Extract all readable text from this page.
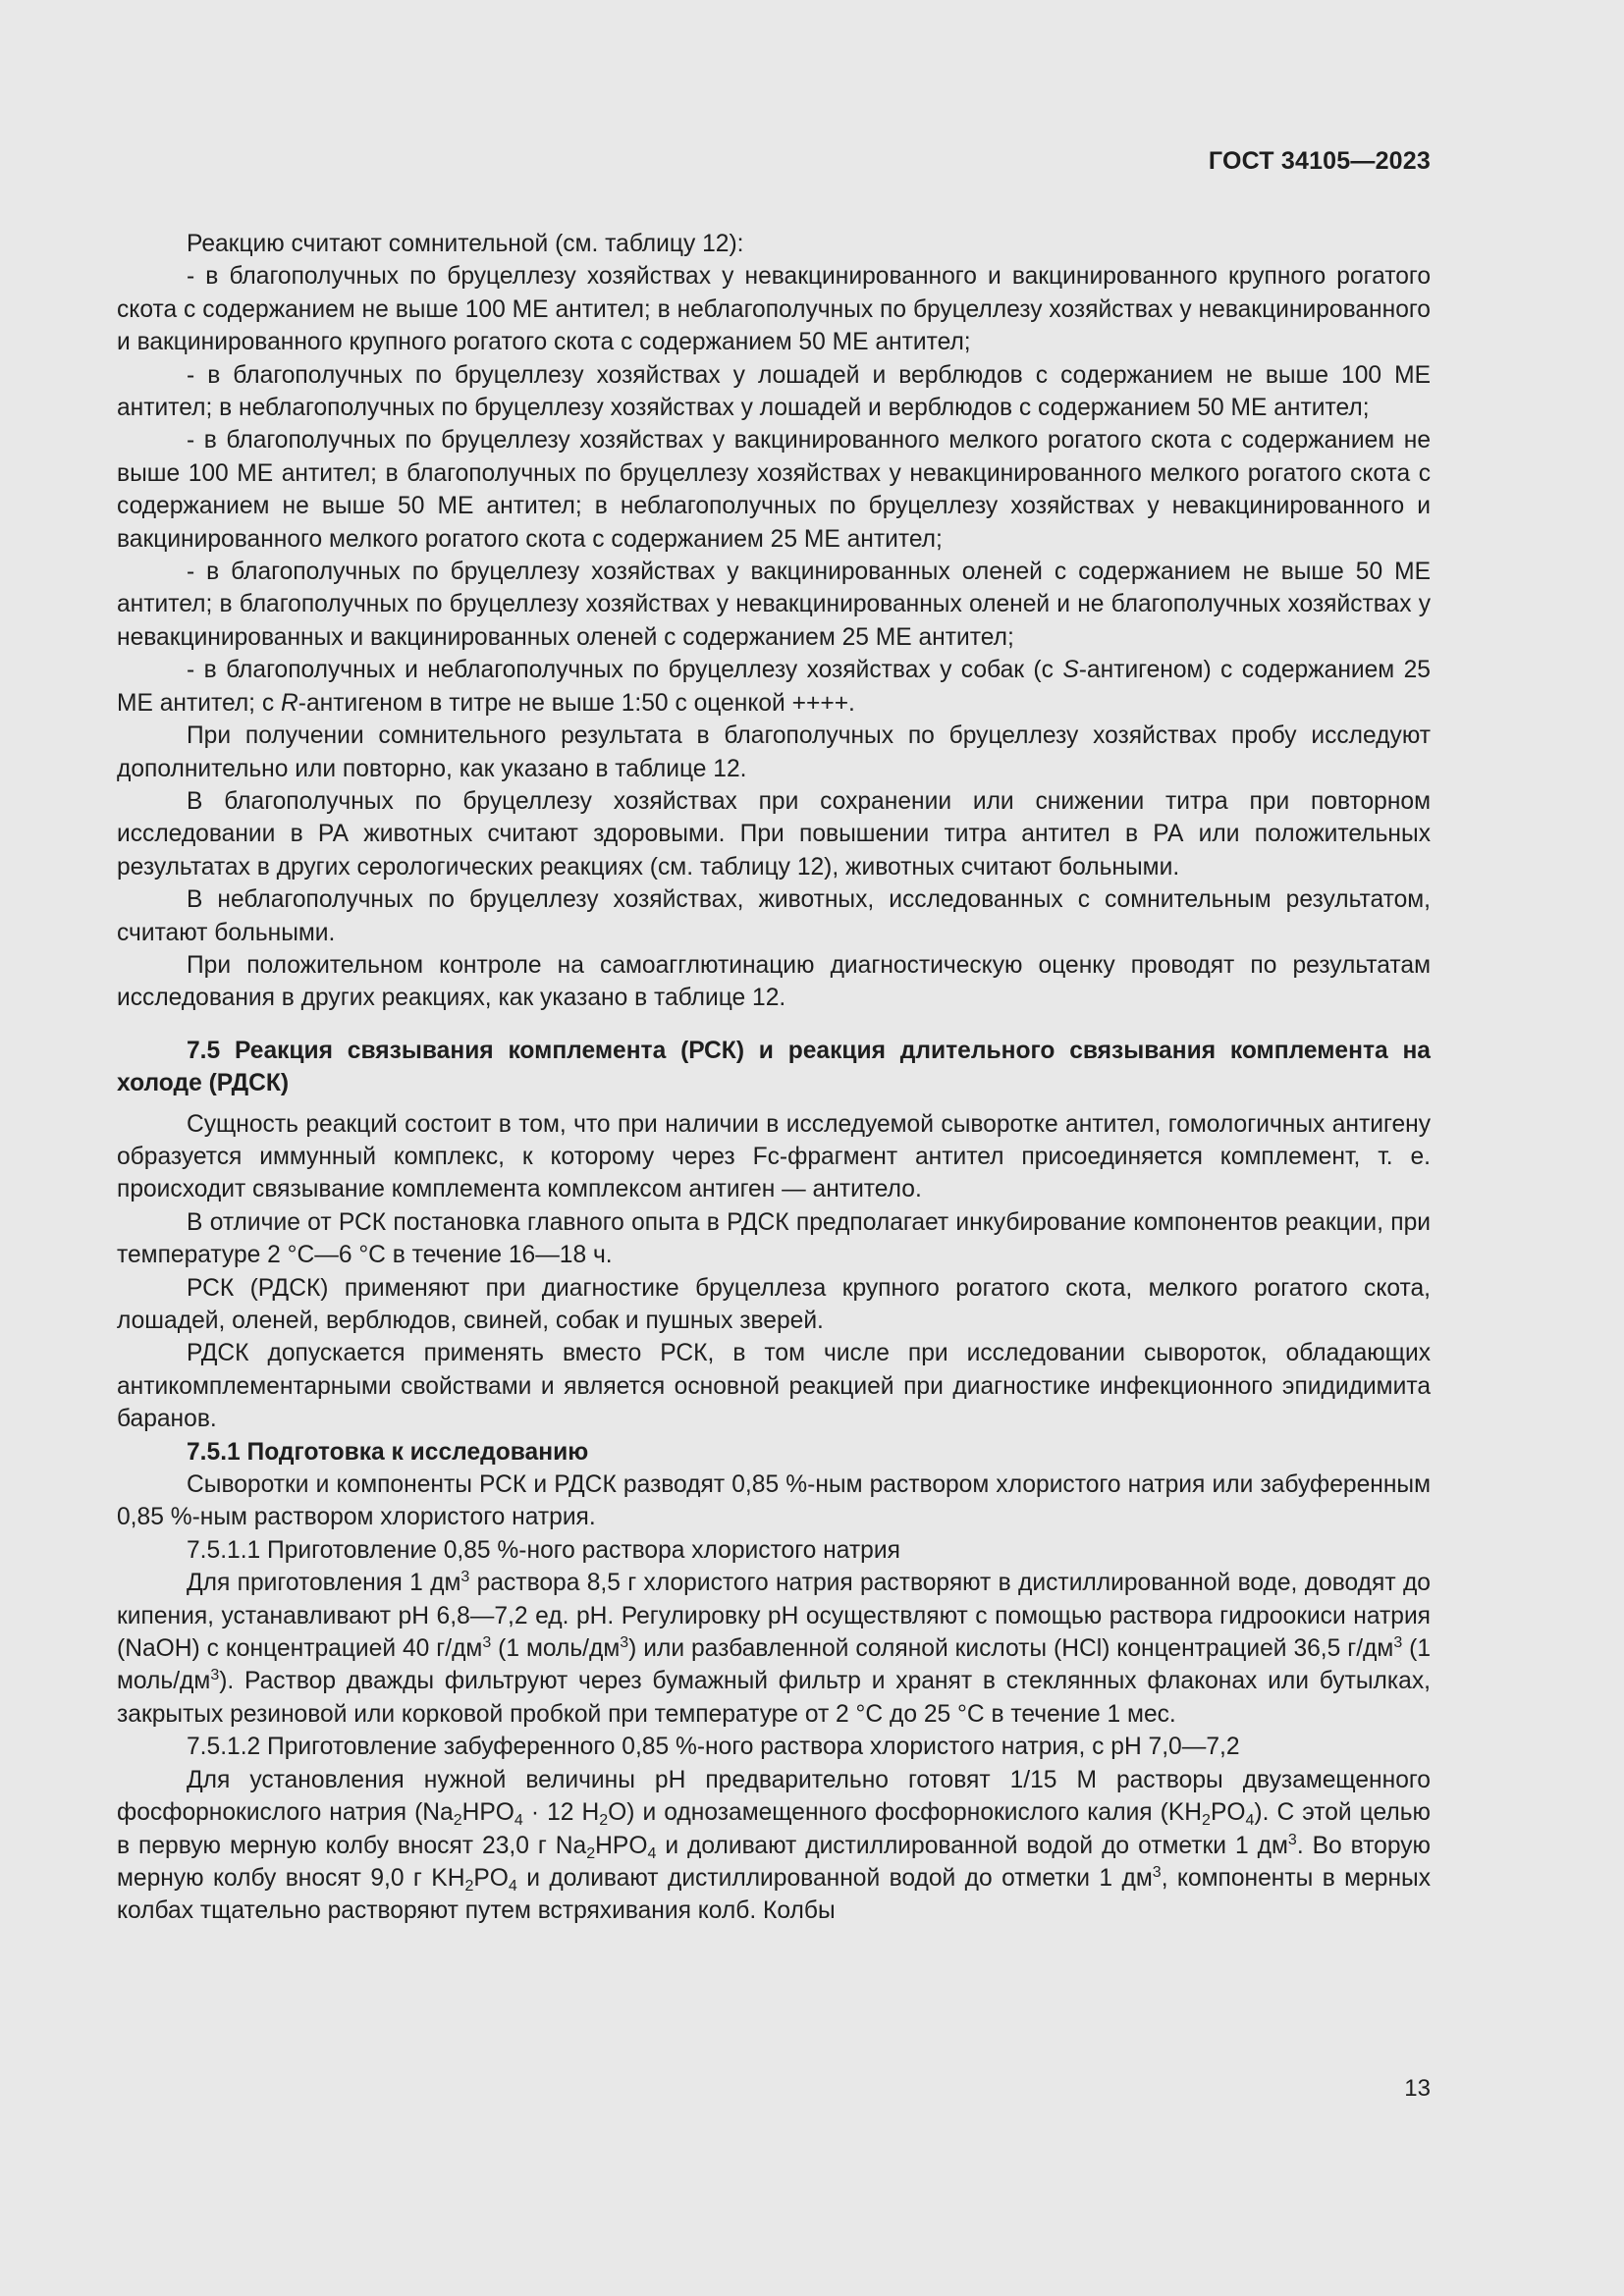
ГОСТ 34105—2023

Реакцию считают сомнительной (см. таблицу 12):

- в благополучных по бруцеллезу хозяйствах у невакцинированного и вакцинированного крупного рогатого скота с содержанием не выше 100 МЕ антител; в неблагополучных по бруцеллезу хозяйствах у невакцинированного и вакцинированного крупного рогатого скота с содержанием 50 МЕ антител;

- в благополучных по бруцеллезу хозяйствах у лошадей и верблюдов с содержанием не выше 100 МЕ антител; в неблагополучных по бруцеллезу хозяйствах у лошадей и верблюдов с содержанием 50 МЕ антител;

- в благополучных по бруцеллезу хозяйствах у вакцинированного мелкого рогатого скота с содержанием не выше 100 МЕ антител; в благополучных по бруцеллезу хозяйствах у невакцинированного мелкого рогатого скота с содержанием не выше 50 МЕ антител; в неблагополучных по бруцеллезу хозяйствах у невакцинированного и вакцинированного мелкого рогатого скота с содержанием 25 МЕ антител;

- в благополучных по бруцеллезу хозяйствах у вакцинированных оленей с содержанием не выше 50 МЕ антител; в благополучных по бруцеллезу хозяйствах у невакцинированных оленей и не благополучных хозяйствах у невакцинированных и вакцинированных оленей с содержанием 25 МЕ антител;

- в благополучных и неблагополучных по бруцеллезу хозяйствах у собак (с S-антигеном) с содержанием 25 МЕ антител; с R-антигеном в титре не выше 1:50 с оценкой ++++.

При получении сомнительного результата в благополучных по бруцеллезу хозяйствах пробу исследуют дополнительно или повторно, как указано в таблице 12.

В благополучных по бруцеллезу хозяйствах при сохранении или снижении титра при повторном исследовании в РА животных считают здоровыми. При повышении титра антител в РА или положительных результатах в других серологических реакциях (см. таблицу 12), животных считают больными.

В неблагополучных по бруцеллезу хозяйствах, животных, исследованных с сомнительным результатом, считают больными.

При положительном контроле на самоагглютинацию диагностическую оценку проводят по результатам исследования в других реакциях, как указано в таблице 12.

7.5 Реакция связывания комплемента (РСК) и реакция длительного связывания комплемента на холоде (РДСК)

Сущность реакций состоит в том, что при наличии в исследуемой сыворотке антител, гомологичных антигену образуется иммунный комплекс, к которому через Fc-фрагмент антител присоединяется комплемент, т. е. происходит связывание комплемента комплексом антиген — антитело.

В отличие от РСК постановка главного опыта в РДСК предполагает инкубирование компонентов реакции, при температуре 2 °С—6 °С в течение 16—18 ч.

РСК (РДСК) применяют при диагностике бруцеллеза крупного рогатого скота, мелкого рогатого скота, лошадей, оленей, верблюдов, свиней, собак и пушных зверей.

РДСК допускается применять вместо РСК, в том числе при исследовании сывороток, обладающих антикомплементарными свойствами и является основной реакцией при диагностике инфекционного эпидидимита баранов.

7.5.1 Подготовка к исследованию

Сыворотки и компоненты РСК и РДСК разводят 0,85 %-ным раствором хлористого натрия или забуференным 0,85 %-ным раствором хлористого натрия.

7.5.1.1 Приготовление 0,85 %-ного раствора хлористого натрия

Для приготовления 1 $дм^3$ раствора 8,5 г хлористого натрия растворяют в дистиллированной воде, доводят до кипения, устанавливают рН 6,8—7,2 ед. рН. Регулировку рН осуществляют с помощью раствора гидроокиси натрия (NaOH) с концентрацией 40 $г/дм^3$ (1 моль/$дм^3$) или разбавленной соляной кислоты (HCl) концентрацией 36,5 $г/дм^3$ (1 моль/$дм^3$). Раствор дважды фильтруют через бумажный фильтр и хранят в стеклянных флаконах или бутылках, закрытых резиновой или корковой пробкой при температуре от 2 °С до 25 °С в течение 1 мес.

7.5.1.2 Приготовление забуференного 0,85 %-ного раствора хлористого натрия, с рН 7,0—7,2

Для установления нужной величины рН предварительно готовят 1/15 М растворы двузамещенного фосфорнокислого натрия ($Na_2HPO_4 \cdot 12$ $H_2O$) и однозамещенного фосфорнокислого калия $(KH_2PO_4)$. С этой целью в первую мерную колбу вносят 23,0 г $Na_2HPO_4$ и доливают дистиллированной водой до отметки 1 $дм^3$. Во вторую мерную колбу вносят 9,0 г $KH_2PO_4$ и доливают дистиллированной водой до отметки 1 $дм^3$, компоненты в мерных колбах тщательно растворяют путем встряхивания колб. Колбы

13
